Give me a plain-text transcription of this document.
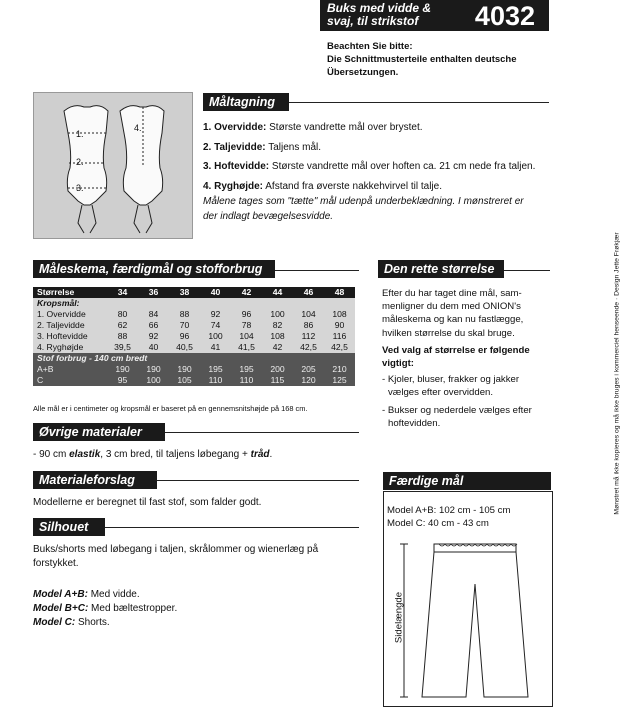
Buks med vidde &
svaj, til strikstof	4032
Beachten Sie bitte:
Die Schnittmusterteile enthalten deutsche
Übersetzungen.
1.
2.
3.
4.
Måltagning
1. Overvidde: Største vandrette mål over brystet.
2. Taljevidde: Taljens mål.
3. Hoftevidde: Største vandrette mål over hoften ca. 21 cm nede fra taljen.
4. Ryghøjde: Afstand fra øverste nakkehvirvel til talje.
Målene tages som "tætte" mål udenpå underbeklædning. I mønstreret er
der indlagt bevægelsesvidde.
Måleskema, færdigmål og stofforbrug
Størrelse	34	36	38	40	42	44	46	48
Kropsmål:								
1. Overvidde	80	84	88	92	96	100	104	108
2. Taljevidde	62	66	70	74	78	82	86	90
3. Hoftevidde	88	92	96	100	104	108	112	116
4. Ryghøjde	39,5	40	40,5	41	41,5	42	42,5	42,5
Stof forbrug - 140 cm bredt								
A+B	190	190	190	195	195	200	205	210
C	95	100	105	110	110	115	120	125
Alle mål er i centimeter og kropsmål er baseret på en gennemsnitshøjde på 168 cm.
Den rette størrelse
Efter du har taget dine mål, sam-
menligner du dem med ONION's
måleskema og kan nu fastlægge,
hvilken størrelse du skal bruge.
Ved valg af størrelse er følgende
vigtigt:
- Kjoler, bluser, frakker og jakker
vælges efter overvidden.
- Bukser og nederdele vælges efter
hoftevidden.
Øvrige materialer
- 90 cm elastik, 3 cm bred, til taljens løbegang + tråd.
Materialeforslag
Modellerne er beregnet til fast stof, som falder godt.
Silhouet
Buks/shorts med løbegang i taljen, skrålommer og wienerlæg på
forstykket.
Model A+B: Med vidde.
Model B+C: Med bæltestropper.
Model C: Shorts.
Færdige mål
Model A+B: 102 cm - 105 cm
Model C: 40 cm - 43 cm
Sidelængde
Mønstret må ikke kopieres og må ikke bruges i kommerciel henseende · Design Jette Frøkjær
